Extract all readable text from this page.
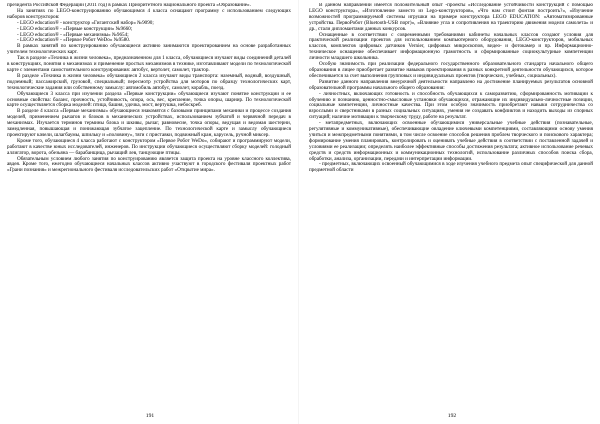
президента Российской Федерации (2011 год) в рамках Приоритетного национального проекта «Образование».

На занятиях по LEGO-конструированию обучающимся 4 класса оснащают программу с использованием следующих наборов конструкторов:

- LEGO education® - конструктор «Гигантский набор» №9090;

- LEGO education® - «Первые конструкции» №9660;

- LEGO education® - «Первые механизмы» №9654;

- LEGO education® - «Первое Робот WeDo» №9580.

В рамках занятий по конструированию обучающиеся активно занимаются проектированием на основе разработанных учителем технологических карт.

Так в разделе «Техника в жизни человека», предназначенном для 1 класса, обучающиеся изучают виды соединений деталей в конструкциях, понятия о механизмах и применение простых механизмов в технике, изготавливают модели по технологической карте с элементами самостоятельного конструирования: автобус, вертолет, самолет, трактор.

В разделе «Техника в жизни человека» обучающиеся 2 класса изучают виды транспорта: наземный, водный, воздушный, подземный; пассажирский, грузовой, специальный; пересмотр устройства для моторов по образцу технологических карт, технологические задания или собственному замыслу: автомобиль автобус, самолет, корабль, поезд.

Обучающиеся 3 класса при изучении раздела «Первые конструкции» обучающиеся изучают понятие конструкции и ее основные свойства: баланс, прочность, устойчивость, опора, ось, вес, крепление, точка опоры, шарнир. По технологической карте осуществляется сборка моделей: птица, башня, удочка, мост, вертушка, небоскреб.

В разделе 4 класса «Первые механизмы» обучающиеся знакомятся с базовыми принципами механики и процессе создания моделей, применением рычагов и блоков в механических устройствах, использованием зубчатой и червячной передач в механизмах. Изучается терминов термины блока и шкивы, рычаг, равновесие, точка опоры, ведущая и ведомая шестерни, замедленная, повышающая и понижающая зубчатое зацепление. По технологической карте и замыслу обучающиеся проектируют качели, шлагбаумы, шпильку и «половину», тяги с приставки, подвижный кран, карусель, ручной миксер.

Кроме того, обучающиеся 4 класса работают с конструктором «Первое Робот WeDo», собирают и программируют модели, работают в качестве юных исследователей, инженеров. По инструкции обучающиеся осуществляют сборку моделей: голодный аллигатор, ворота, обезьяна — барабанщица, рычащий лев, танцующие птицы.

Обязательным условием любого занятия по конструированию является защита проекта на уровне классного коллектива, авдея. Кроме того, ежегодно обучающиеся начальных классов активно участвуют в городского фестиваля проектных работ «Грани познания» и межрегионального фестиваля исследовательских работ «Открытие мира».

191

В данном направлении имеется положительный опыт -проекты «Исследование устойчивости конструкций с помощью LEGO конструктора», «Изготовление заместо из Lego-конструкторов», «Что нам стоит фонтан построить?», «Изучение возможностей программируемой системы игрушки на примере конструктора LEGO EDUCATION: «Автоматизированные устройства. ПервоРобот (Bluetooth-USB порт)», «Влияние угла и сопротивления на траекторию движения модели самолета» и др., стали дипломантами данных конкурсов.

Оснащенные в соответствии с современными требованиями кабинеты начальных классов создают условия для практической реализации проектов для использованием компьютерного оборудования, LEGO-конструкторов, мобильных классов, комплектов цифровых датчиков Vernier, цифровых микроскопов, видео- и фотокамер и пр. Информационно-техническое оснащение обеспечивает информационную грамотность и сформированные социокультурные компетенции личности младшего школьника.

Особую значимость при реализации федерального государственного образовательного стандарта начального общего образования в лицее приобретает развитие навыков проектирования в разных конкретной деятельности обучающихся, которое обеспечивается за счет выполнения групповых и индивидуальных проектов (творческих, учебных, социальных).

Развитие данного направления внеурочной деятельности направлено на достижение планируемых результатов основной образовательной программы начального общего образования:

- личностных, включающих готовность и способность обучающихся к саморазвитию, сформированность мотивации к обучению и познанию, ценностно-смысловые установки обучающихся, отражающие их индивидуально-личностные позиции, социальные компетенции, личностные качества. При этом особую значимость приобретают навыки сотрудничества со взрослыми и сверстниками в разных социальных ситуациях, умения не создавать конфликтов и находить выходы из спорных ситуаций; наличие мотивации к творческому труду, работе на результат.

- метапредметных, включающих освоенные обучающимися универсальные учебные действия (познавательные, регулятивные и коммуникативные), обеспечивающие овладение ключевыми компетенциями, составляющими основу умения учиться и межпредметными понятиями, в том числе освоение способов решения проблем творческого и поискового характера; формирование умения планировать, контролировать и оценивать учебные действия в соответствии с поставленной задачей и условиями ее реализации; определять наиболее эффективные способы достижения результата; активное использование речевых средств и средств информационных и коммуникационных технологий, использование различных способов поиска сбора, обработки, анализа, организации, передачи и интерпретации информации.

- предметных, включающих освоенный обучающимися в ходе изучения учебного предмета опыт специфической для данной предметной области

192
